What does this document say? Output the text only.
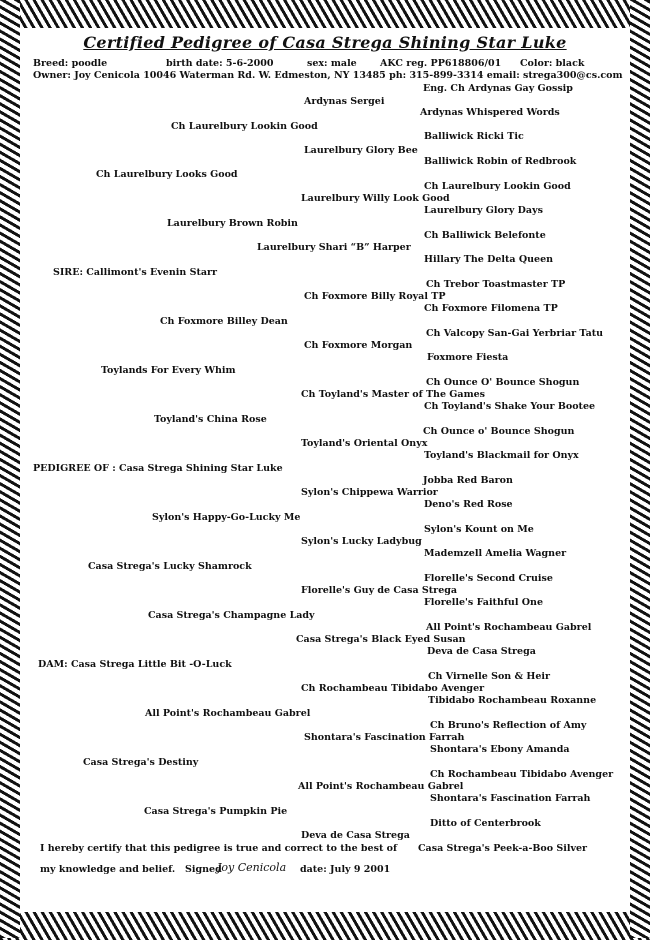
Certified Pedigree of Casa Strega Shining Star Luke
Breed: poodle	birth date: 5-6-2000	sex: male AKC reg. PP618806/01 Color: black
Owner: Joy Cenicola 10046 Waterman Rd. W. Edmeston, NY 13485 ph: 315-899-3314 email: strega300@cs.com
Eng. Ch Ardynas Gay Gossip
Ardynas Sergei
Ardynas Whispered Words
Ch Laurelbury Lookin Good
Balliwick Ricki Tic
Laurelbury Glory Bee
Balliwick Robin of Redbrook
Ch Laurelbury Looks Good
Ch Laurelbury Lookin Good
Laurelbury Willy Look Good
Laurelbury Glory Days
Laurelbury Brown Robin
Ch Balliwick Belefonte
Laurelbury Shari “B” Harper
Hillary The Delta Queen
SIRE: Callimont's Evenin Starr
Ch Trebor Toastmaster TP
Ch Foxmore Billy Royal TP
Ch Foxmore Filomena TP
Ch Foxmore Billey Dean
Ch Valcopy San-Gai Yerbriar Tatu
Ch Foxmore Morgan
Foxmore Fiesta
Toylands For Every Whim
Ch Ounce O' Bounce Shogun
Ch Toyland's Master of The Games
Ch Toyland's Shake Your Bootee
Toyland's China Rose
Ch Ounce o' Bounce Shogun
Toyland's Oriental Onyx
Toyland's Blackmail for Onyx
PEDIGREE OF : Casa Strega Shining Star Luke
Jobba Red Baron
Sylon's Chippewa Warrior
Deno's Red Rose
Sylon's Happy-Go-Lucky Me
Sylon's Kount on Me
Sylon's Lucky Ladybug
Mademzell Amelia Wagner
Casa Strega's Lucky Shamrock
Florelle's Second Cruise
Florelle's Guy de Casa Strega
Florelle's Faithful One
Casa Strega's Champagne Lady
All Point's Rochambeau Gabrel
Casa Strega's Black Eyed Susan
Deva de Casa Strega
DAM: Casa Strega Little Bit -O-Luck
Ch Virnelle Son & Heir
Ch Rochambeau Tibidabo Avenger
Tibidabo Rochambeau Roxanne
All Point's Rochambeau Gabrel
Ch Bruno's Reflection of Amy
Shontara's Fascination Farrah
Shontara's Ebony Amanda
Casa Strega's Destiny
Ch Rochambeau Tibidabo Avenger
All Point's Rochambeau Gabrel
Shontara's Fascination Farrah
Casa Strega's Pumpkin Pie
Ditto of Centerbrook
Deva de Casa Strega
Casa Strega's Peek-a-Boo Silver
I hereby certify that this pedigree is true and correct to the best of
my knowledge and belief. Signed
Joy Cenicola date: July 9 2001
